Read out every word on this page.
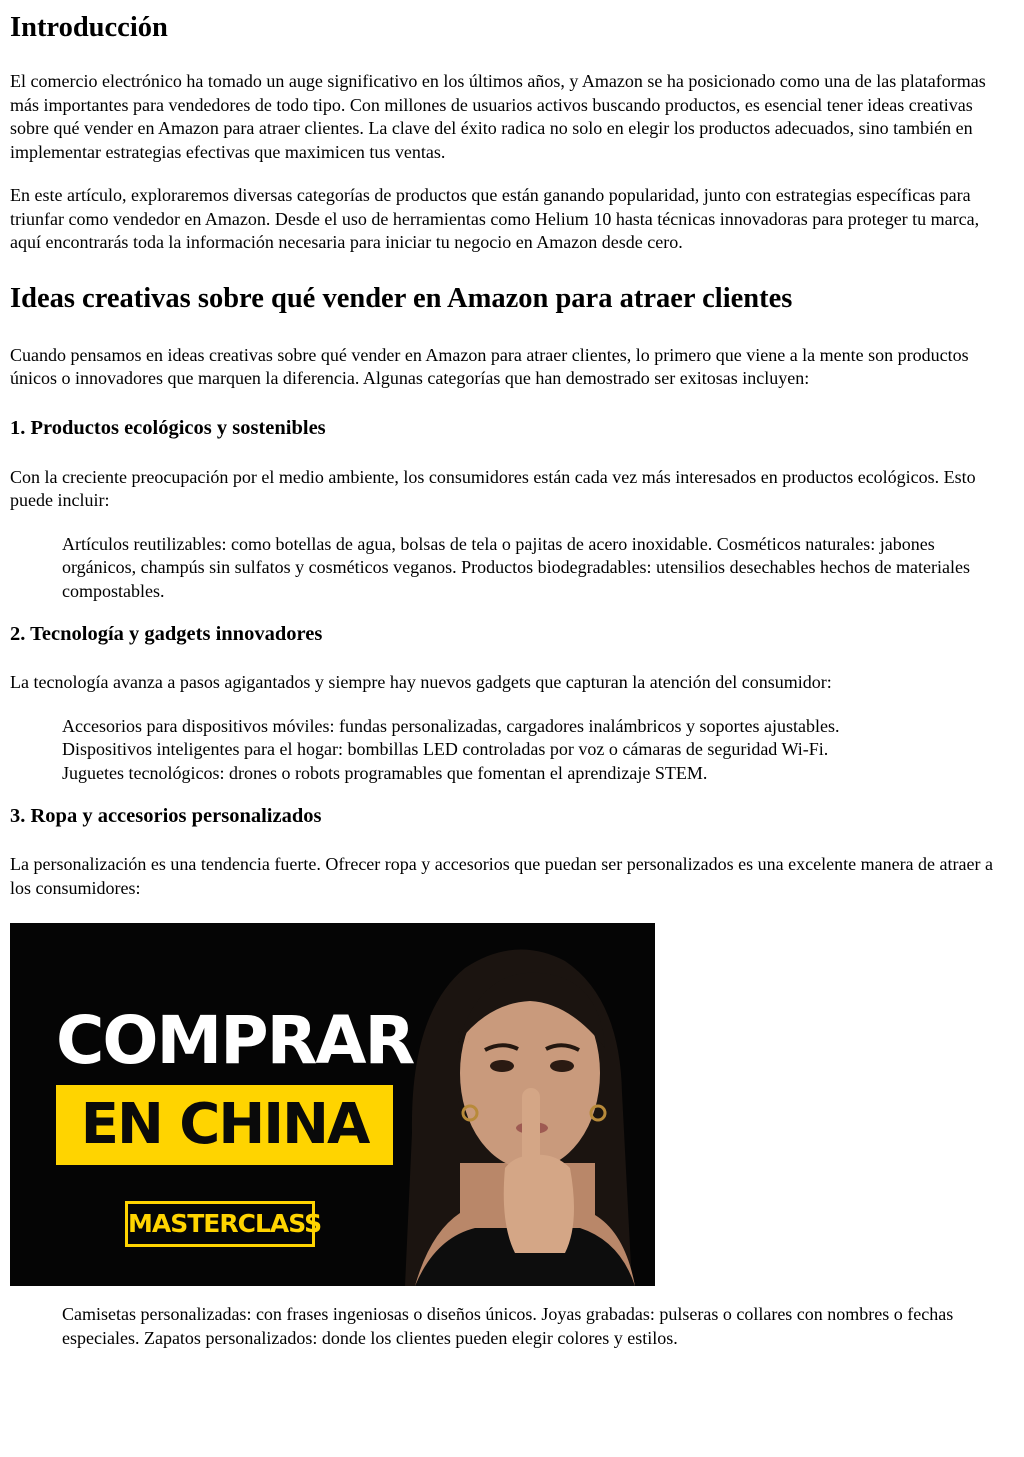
Introducción

El comercio electrónico ha tomado un auge significativo en los últimos años, y Amazon se ha posicionado como una de las plataformas más importantes para vendedores de todo tipo. Con millones de usuarios activos buscando productos, es esencial tener ideas creativas sobre qué vender en Amazon para atraer clientes. La clave del éxito radica no solo en elegir los productos adecuados, sino también en implementar estrategias efectivas que maximicen tus ventas.

En este artículo, exploraremos diversas categorías de productos que están ganando popularidad, junto con estrategias específicas para triunfar como vendedor en Amazon. Desde el uso de herramientas como Helium 10 hasta técnicas innovadoras para proteger tu marca, aquí encontrarás toda la información necesaria para iniciar tu negocio en Amazon desde cero.

Ideas creativas sobre qué vender en Amazon para atraer clientes

Cuando pensamos en ideas creativas sobre qué vender en Amazon para atraer clientes, lo primero que viene a la mente son productos únicos o innovadores que marquen la diferencia. Algunas categorías que han demostrado ser exitosas incluyen:

1. Productos ecológicos y sostenibles

Con la creciente preocupación por el medio ambiente, los consumidores están cada vez más interesados en productos ecológicos. Esto puede incluir:

Artículos reutilizables: como botellas de agua, bolsas de tela o pajitas de acero inoxidable. Cosméticos naturales: jabones orgánicos, champús sin sulfatos y cosméticos veganos. Productos biodegradables: utensilios desechables hechos de materiales compostables.

2. Tecnología y gadgets innovadores

La tecnología avanza a pasos agigantados y siempre hay nuevos gadgets que capturan la atención del consumidor:

Accesorios para dispositivos móviles: fundas personalizadas, cargadores inalámbricos y soportes ajustables.
Dispositivos inteligentes para el hogar: bombillas LED controladas por voz o cámaras de seguridad Wi-Fi.
Juguetes tecnológicos: drones o robots programables que fomentan el aprendizaje STEM.
3. Ropa y accesorios personalizados

La personalización es una tendencia fuerte. Ofrecer ropa y accesorios que puedan ser personalizados es una excelente manera de atraer a los consumidores:

COMPRAR
EN CHINA
MASTERCLASS

Camisetas personalizadas: con frases ingeniosas o diseños únicos. Joyas grabadas: pulseras o collares con nombres o fechas especiales. Zapatos personalizados: donde los clientes pueden elegir colores y estilos.
